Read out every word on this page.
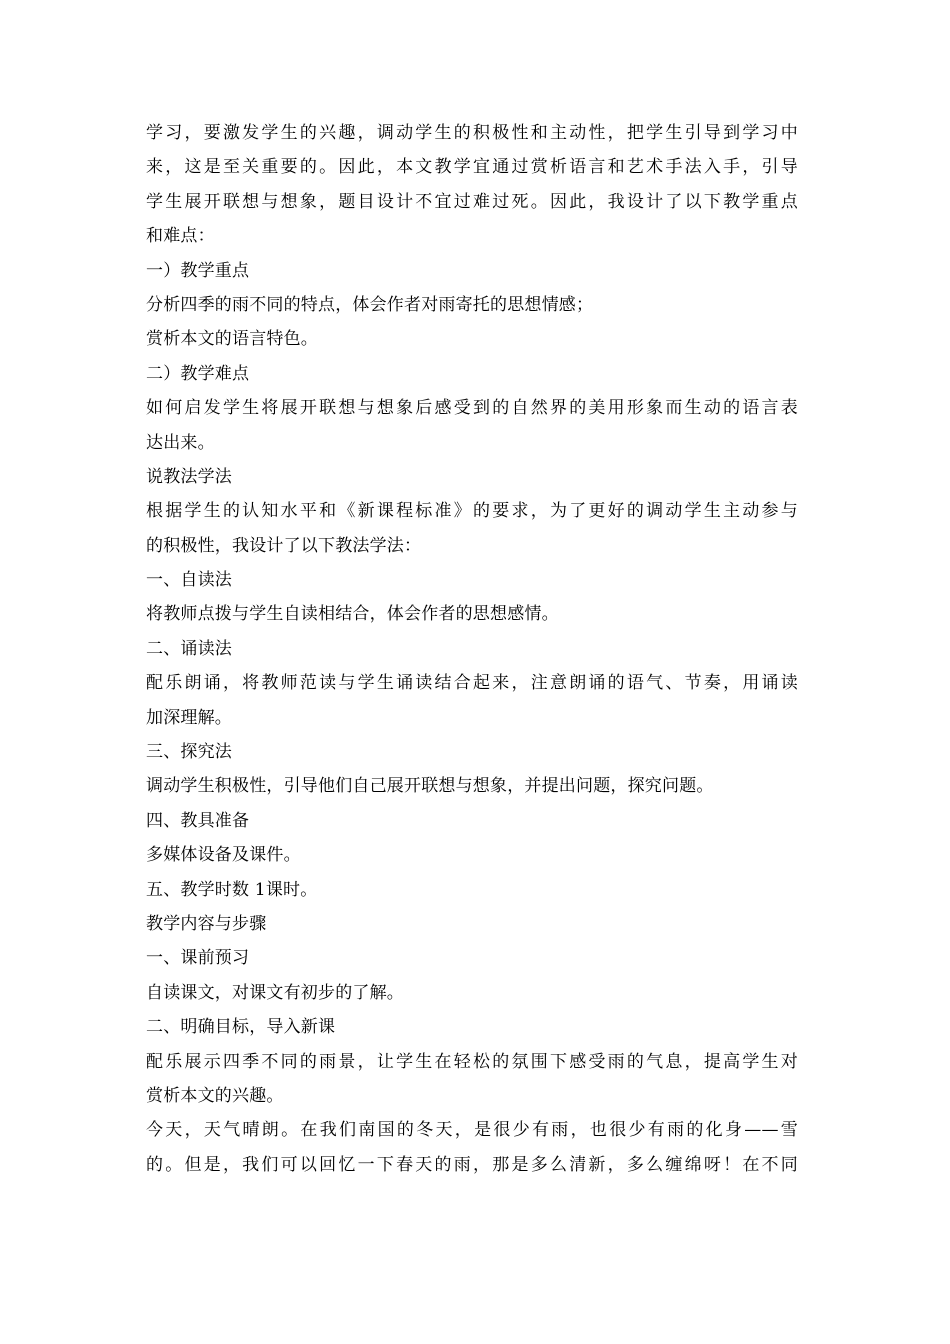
学习，要激发学生的兴趣，调动学生的积极性和主动性，把学生引导到学习中
来，这是至关重要的。因此，本文教学宜通过赏析语言和艺术手法入手，引导
学生展开联想与想象，题目设计不宜过难过死。因此，我设计了以下教学重点
和难点：
一）教学重点
分析四季的雨不同的特点，体会作者对雨寄托的思想情感；
赏析本文的语言特色。
二）教学难点
如何启发学生将展开联想与想象后感受到的自然界的美用形象而生动的语言表
达出来。
说教法学法
根据学生的认知水平和《新课程标准》的要求，为了更好的调动学生主动参与
的积极性，我设计了以下教法学法：
一、自读法
将教师点拨与学生自读相结合，体会作者的思想感情。
二、诵读法
配乐朗诵，将教师范读与学生诵读结合起来，注意朗诵的语气、节奏，用诵读
加深理解。
三、探究法
调动学生积极性，引导他们自己展开联想与想象，并提出问题，探究问题。
四、教具准备
多媒体设备及课件。
五、教学时数 1课时。
教学内容与步骤
一、课前预习
自读课文，对课文有初步的了解。
二、明确目标，导入新课
配乐展示四季不同的雨景，让学生在轻松的氛围下感受雨的气息，提高学生对
赏析本文的兴趣。
今天，天气晴朗。在我们南国的冬天，是很少有雨，也很少有雨的化身——雪
的。但是，我们可以回忆一下春天的雨，那是多么清新，多么缠绵呀！在不同
